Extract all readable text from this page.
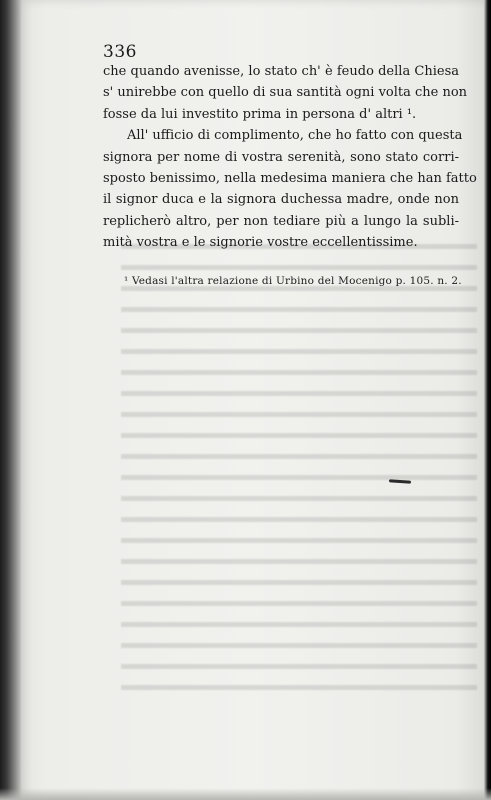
336
che quando avenisse, lo stato ch' è feudo della Chiesa
s' unirebbe con quello di sua santità ogni volta che non
fosse da lui investito prima in persona d' altri ¹.
All' ufficio di complimento, che ho fatto con questa
signora per nome di vostra serenità, sono stato corri-
sposto benissimo, nella medesima maniera che han fatto
il signor duca e la signora duchessa madre, onde non
replicherò altro, per non tediare più a lungo la subli-
mità vostra e le signorie vostre eccellentissime.
¹ Vedasi l'altra relazione di Urbino del Mocenigo p. 105. n. 2.
